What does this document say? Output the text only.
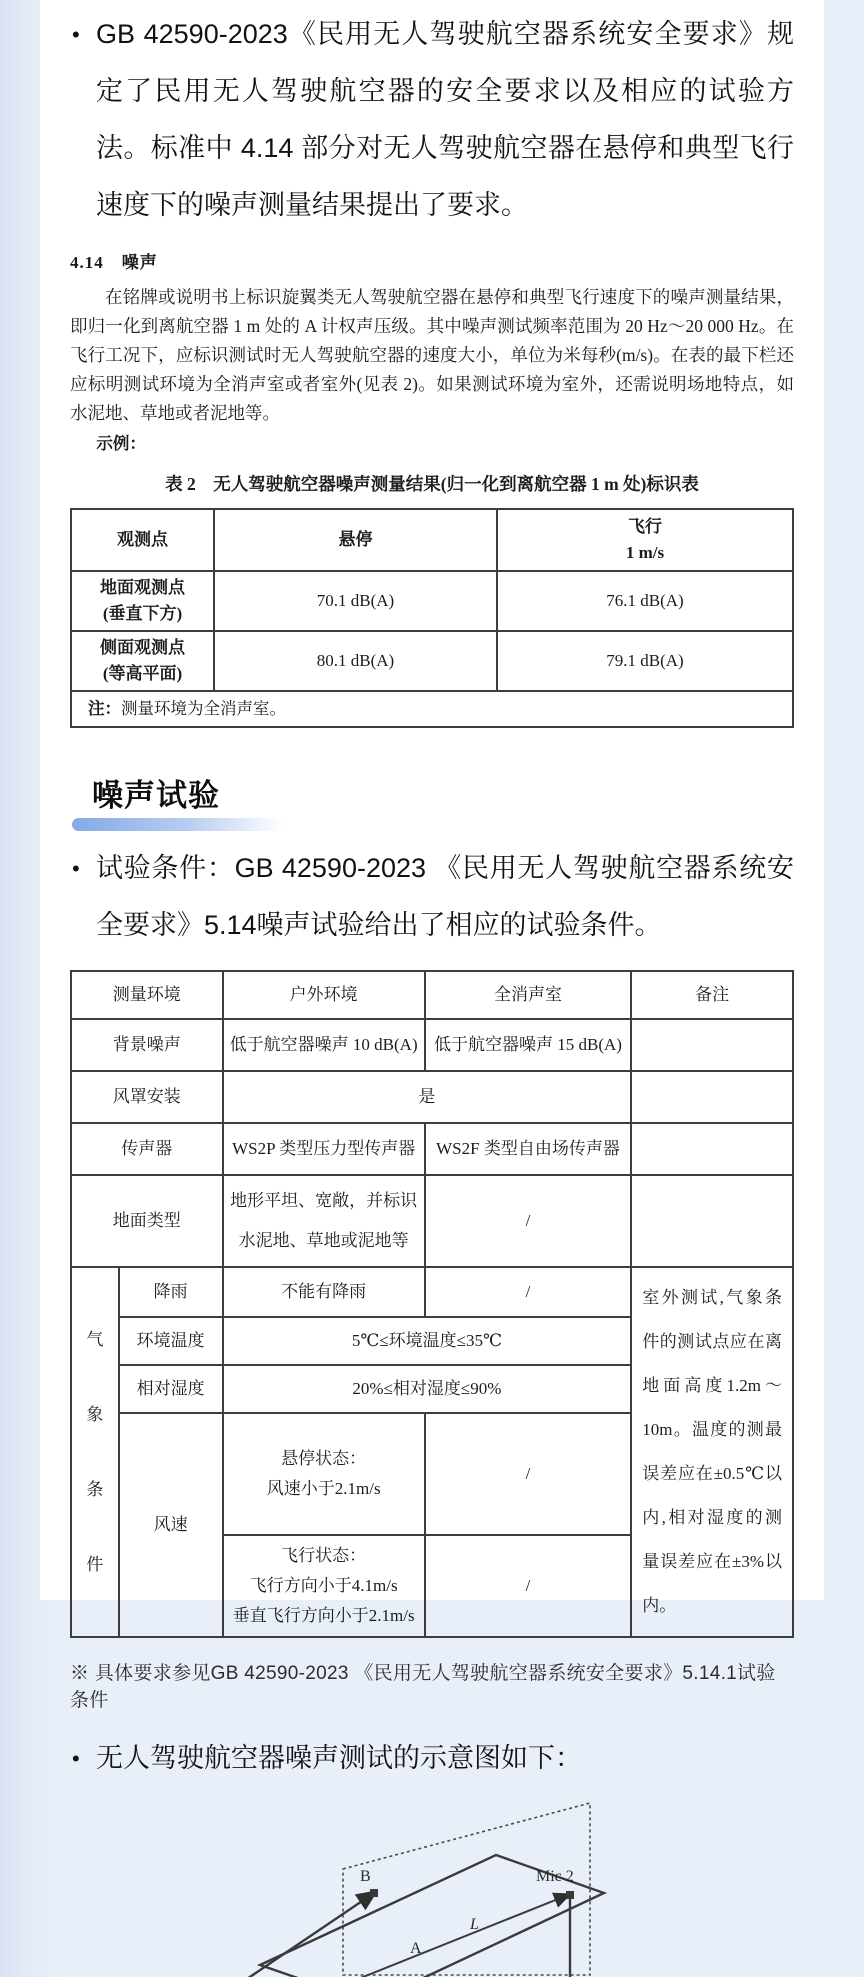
• GB 42590-2023《民用无人驾驶航空器系统安全要求》规定了民用无人驾驶航空器的安全要求以及相应的试验方法。标准中 4.14 部分对无人驾驶航空器在悬停和典型飞行速度下的噪声测量结果提出了要求。

4.14　噪声

在铭牌或说明书上标识旋翼类无人驾驶航空器在悬停和典型飞行速度下的噪声测量结果，即归一化到离航空器 1 m 处的 A 计权声压级。其中噪声测试频率范围为 20 Hz～20 000 Hz。在飞行工况下，应标识测试时无人驾驶航空器的速度大小，单位为米每秒(m/s)。在表的最下栏还应标明测试环境为全消声室或者室外(见表 2)。如果测试环境为室外，还需说明场地特点，如水泥地、草地或者泥地等。

示例：

表 2　无人驾驶航空器噪声测量结果(归一化到离航空器 1 m 处)标识表
观测点	悬停	飞行
1 m/s

地面观测点
(垂直下方)	70.1 dB(A)	76.1 dB(A)

侧面观测点
(等高平面)	80.1 dB(A)	79.1 dB(A)
注：测量环境为全消声室。		
噪声试验

• 试验条件：GB 42590-2023 《民用无人驾驶航空器系统安全要求》5.14噪声试验给出了相应的试验条件。

测量环境		户外环境	全消声室	备注
背景噪声		低于航空器噪声 10 dB(A)	低于航空器噪声 15 dB(A)	
风罩安装		是		
传声器		WS2P 类型压力型传声器	WS2F 类型自由场传声器	
地面类型		地形平坦、宽敞，并标识
水泥地、草地或泥地等	/	

气
象
条
件	降雨	不能有降雨	/	室外测试,气象条件的测试点应在离地面高度1.2m～10m。温度的测最误差应在±0.5℃以内,相对湿度的测量误差应在±3%以内。
	环境温度	5℃≤环境温度≤35℃		
	相对湿度	20%≤相对湿度≤90%		
	风速	悬停状态：
风速小于2.1m/s	/	

		飞行状态：
飞行方向小于4.1m/s
垂直飞行方向小于2.1m/s	/	

※ 具体要求参见GB 42590-2023 《民用无人驾驶航空器系统安全要求》5.14.1试验条件

• 无人驾驶航空器噪声测试的示意图如下：

B	Mic 2
L
A
